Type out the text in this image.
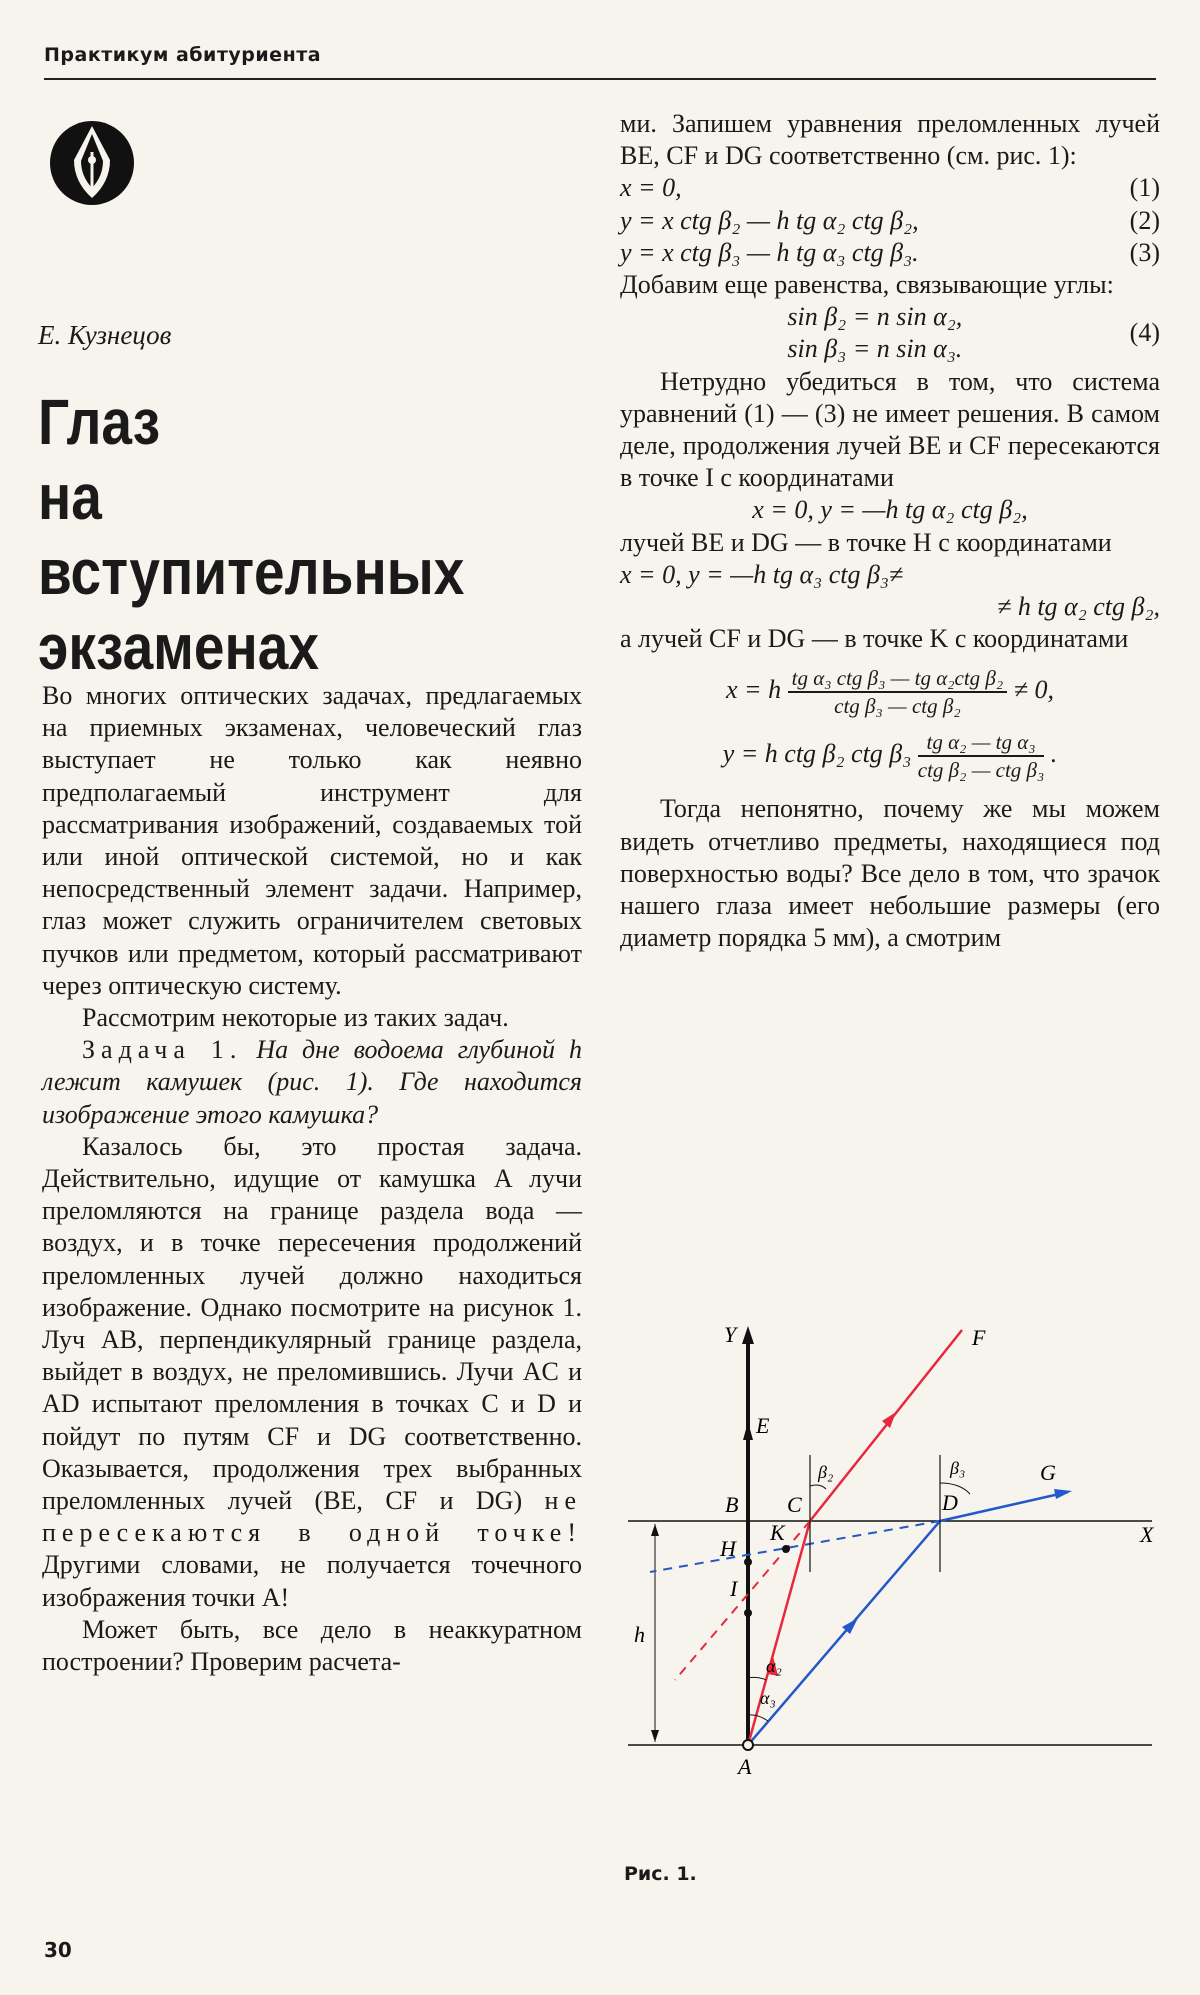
Практикум абитуриента
Е. Кузнецов
Глаз
на вступительных
экзаменах

Во многих оптических задачах, предлагаемых на приемных экзаменах, человеческий глаз выступает не только как неявно предполагаемый инструмент для рассматривания изображений, создаваемых той или иной оптической системой, но и как непосредственный элемент задачи. Например, глаз может служить ограничителем световых пучков или предметом, который рассматривают через оптическую систему.

Рассмотрим некоторые из таких задач.

Задача 1. На дне водоема глубиной h лежит камушек (рис. 1). Где находится изображение этого камушка?

Казалось бы, это простая задача. Действительно, идущие от камушка A лучи преломляются на границе раздела вода — воздух, и в точке пересечения продолжений преломленных лучей должно находиться изображение. Однако посмотрите на рисунок 1. Луч AB, перпендикулярный границе раздела, выйдет в воздух, не преломившись. Лучи AC и AD испытают преломления в точках C и D и пойдут по путям CF и DG соответственно. Оказывается, продолжения трех выбранных преломленных лучей (BE, CF и DG) не пересекаются в одной точке! Другими словами, не получается точечного изображения точки A!

Может быть, все дело в неаккуратном построении? Проверим расчета-

ми. Запишем уравнения преломленных лучей BE, CF и DG соответственно (см. рис. 1):

x = 0,	(1)
y = x ctg β₂ — h tg α₂ ctg β₂,	(2)
y = x ctg β₃ — h tg α₃ ctg β₃.	(3)

Добавим еще равенства, связывающие углы:

sin β₂ = n sin α₂,
sin β₃ = n sin α₃.
(4)

Нетрудно убедиться в том, что система уравнений (1) — (3) не имеет решения. В самом деле, продолжения лучей BE и CF пересекаются в точке I с координатами

x = 0, y = —h tg α₂ ctg β₂,

лучей BE и DG — в точке H с координатами

x = 0, y = —h tg α₃ ctg β₃≠
≠ h tg α₂ ctg β₂,

а лучей CF и DG — в точке K с координатами

x = h $\frac{\text{tg α₃ ctg β₃ — tg α₂ctg β₂}}{\text{ctg β₃ — ctg β₂}} \ne 0$,
y = h ctg β₂ ctg $\beta_3 \frac{\text{tg α₂ — tg α₃}}{\text{ctg β₂ — ctg β₃}}$ .

Тогда непонятно, почему же мы можем видеть отчетливо предметы, находящиеся под поверхностью воды? Все дело в том, что зрачок нашего глаза имеет небольшие размеры (его диаметр порядка 5 мм), а смотрим

Y
E
F
B C	D
G
X
H
K
I
h
A
α₂
α₃
β₂	β₃
Рис. 1.
30
